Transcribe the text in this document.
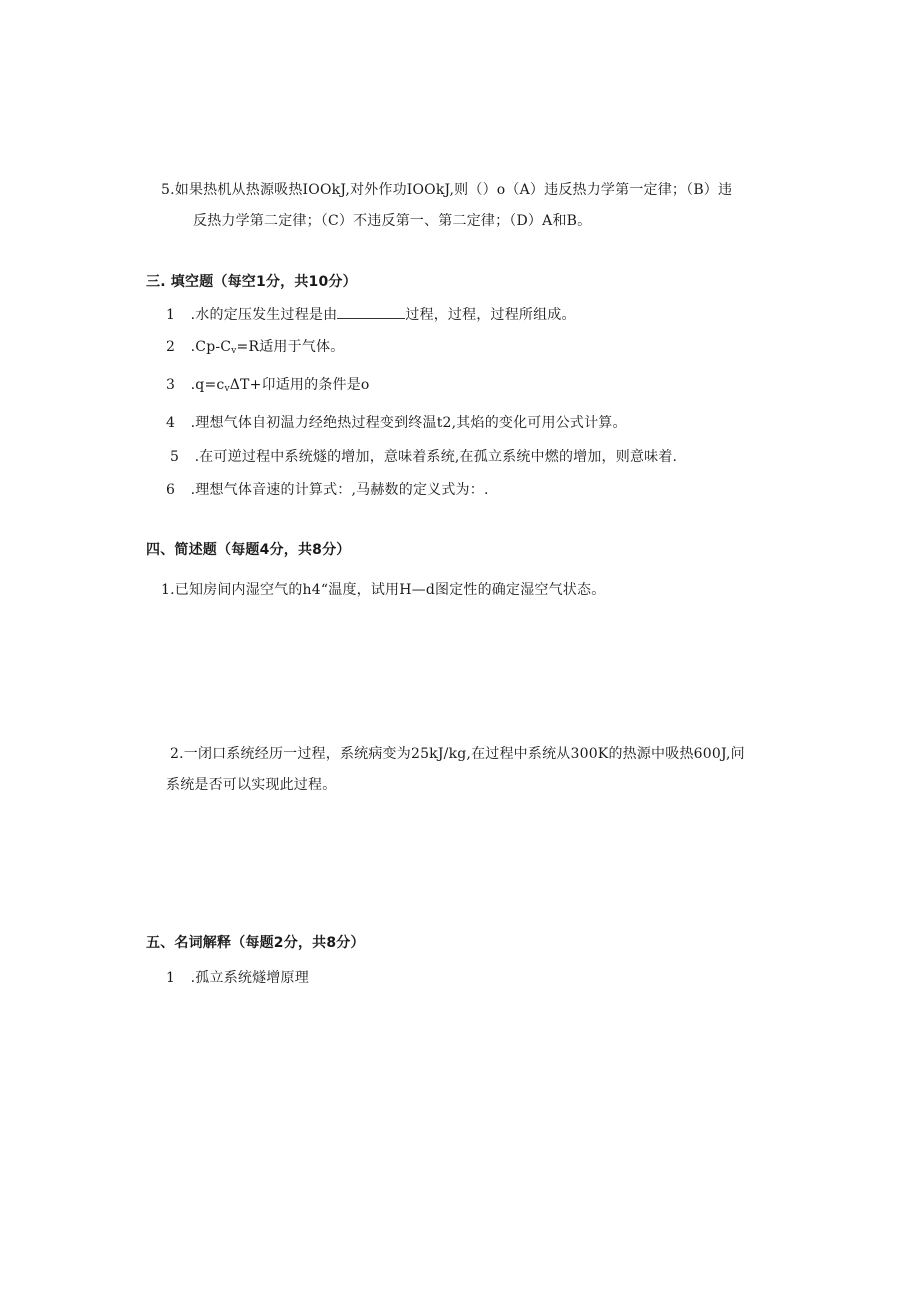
5.如果热机从热源吸热IOOkJ,对外作功IOOkJ,则（）o（A）违反热力学第一定律；（B）违
反热力学第二定律；（C）不违反第一、第二定律；（D）A和B。
三. 填空题（每空1分，共10分）
1 .水的定压发生过程是由	过程，过程，过程所组成。
2 $.Cp-C_v=R$适用于气体。
3 $.q=c_v\Delta T+$卬适用的条件是o
4 .理想气体自初温力经绝热过程变到终温t2,其焰的变化可用公式计算。
5 .在可逆过程中系统燧的增加，意味着系统,在孤立系统中燃的增加，则意味着.
6 .理想气体音速的计算式：,马赫数的定义式为：.
四、简述题（每题4分，共8分）
1.已知房间内湿空气的h4“温度，试用H—d图定性的确定湿空气状态。
2.一闭口系统经历一过程，系统病变为25kJ/kg,在过程中系统从300K的热源中吸热600J,问
系统是否可以实现此过程。
五、名词解释（每题2分，共8分）
1 .孤立系统燧增原理
